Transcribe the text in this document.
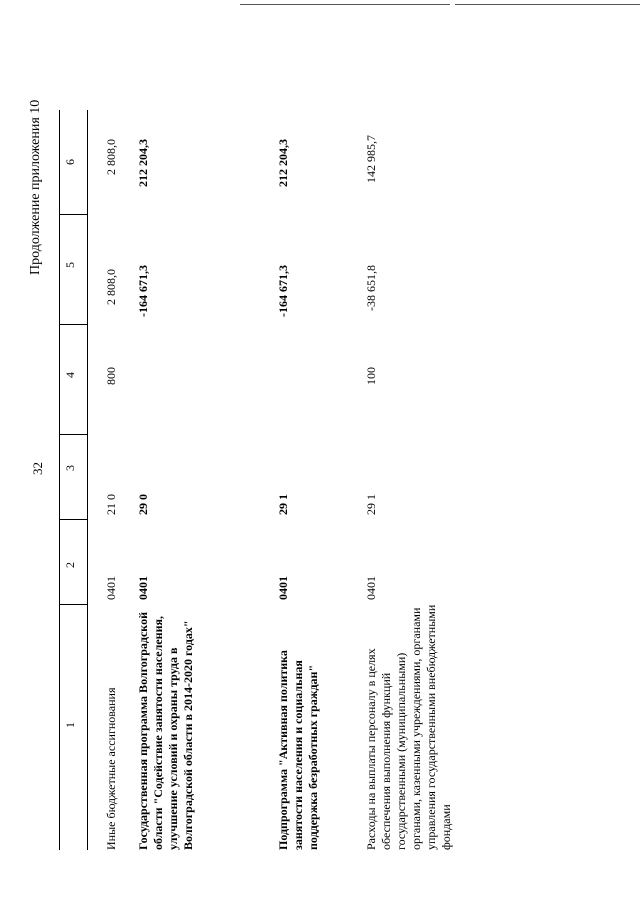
32
Продолжение приложения 10
1
2
3
4
5
6
Иные бюджетные ассигнования
0401
21 0
800
2 808,0
2 808,0
Государственная программа Волгоградской области "Содействие занятости населения, улучшение условий и охраны труда в Волгоградской области в 2014-2020 годах"
0401
29 0
-164 671,3
212 204,3
Подпрограмма "Активная политика занятости населения и социальная поддержка безработных граждан"
0401
29 1
-164 671,3
212 204,3
Расходы на выплаты персоналу в целях обеспечения выполнения функций государственными (муниципальными) органами, казенными учреждениями, органами управления государственными внебюджетными фондами
0401
29 1
100
-38 651,8
142 985,7
